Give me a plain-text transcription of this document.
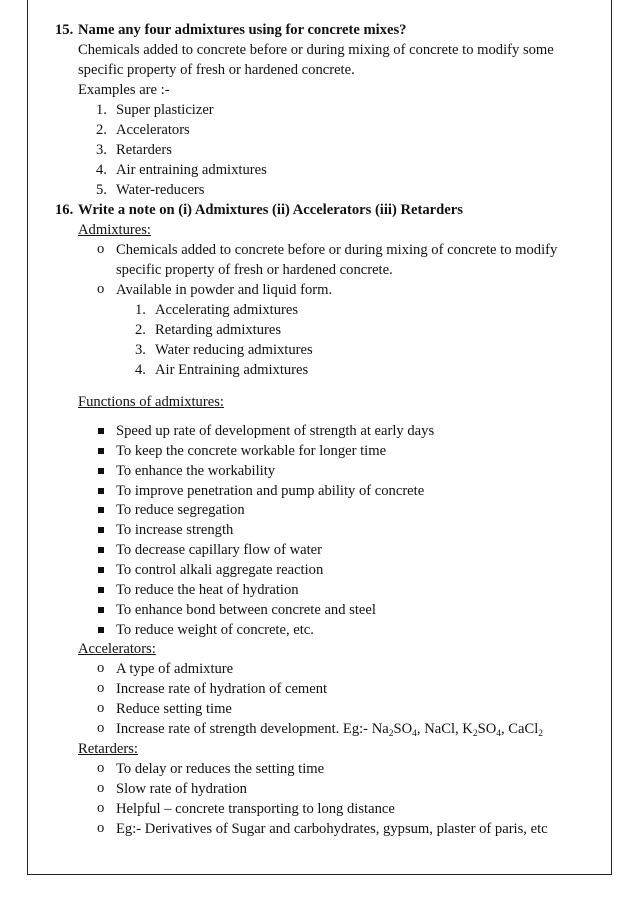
15. Name any four admixtures using for concrete mixes?
Chemicals added to concrete before or during mixing of concrete to modify some
specific property of fresh or hardened concrete.
Examples are :-
1. Super plasticizer
2. Accelerators
3. Retarders
4. Air entraining admixtures
5. Water-reducers
16. Write a note on (i) Admixtures (ii) Accelerators (iii) Retarders
Admixtures:
o Chemicals added to concrete before or during mixing of concrete to modify
specific property of fresh or hardened concrete.
o Available in powder and liquid form.
1. Accelerating admixtures
2. Retarding admixtures
3. Water reducing admixtures
4. Air Entraining admixtures
Functions of admixtures:
Speed up rate of development of strength at early days
To keep the concrete workable for longer time
To enhance the workability
To improve penetration and pump ability of concrete
To reduce segregation
To increase strength
To decrease capillary flow of water
To control alkali aggregate reaction
To reduce the heat of hydration
To enhance bond between concrete and steel
To reduce weight of concrete, etc.
Accelerators:
o A type of admixture
o Increase rate of hydration of cement
o Reduce setting time
o Increase rate of strength development. Eg:- $Na_2SO_4$, NaCl, $K_2SO_4$, CaCl$_2$
Retarders:
o To delay or reduces the setting time
o Slow rate of hydration
o Helpful – concrete transporting to long distance
o Eg:- Derivatives of Sugar and carbohydrates, gypsum, plaster of paris, etc
